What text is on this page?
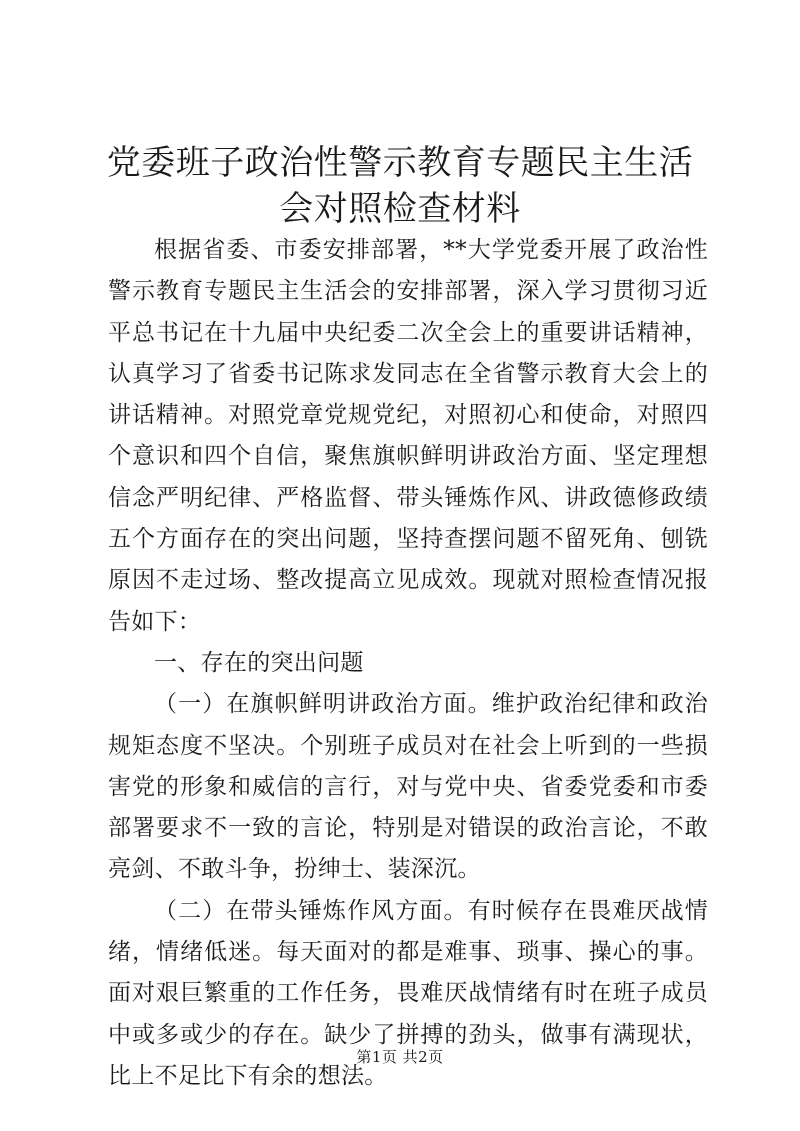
党委班子政治性警示教育专题民主生活会对照检查材料

根据省委、市委安排部署，**大学党委开展了政治性警示教育专题民主生活会的安排部署，深入学习贯彻习近平总书记在十九届中央纪委二次全会上的重要讲话精神，认真学习了省委书记陈求发同志在全省警示教育大会上的讲话精神。对照党章党规党纪，对照初心和使命，对照四个意识和四个自信，聚焦旗帜鲜明讲政治方面、坚定理想信念严明纪律、严格监督、带头锤炼作风、讲政德修政绩五个方面存在的突出问题，坚持查摆问题不留死角、刨铣原因不走过场、整改提高立见成效。现就对照检查情况报告如下：

一、存在的突出问题

（一）在旗帜鲜明讲政治方面。维护政治纪律和政治规矩态度不坚决。个别班子成员对在社会上听到的一些损害党的形象和威信的言行，对与党中央、省委党委和市委部署要求不一致的言论，特别是对错误的政治言论，不敢亮剑、不敢斗争，扮绅士、装深沉。

（二）在带头锤炼作风方面。有时候存在畏难厌战情绪，情绪低迷。每天面对的都是难事、琐事、操心的事。面对艰巨繁重的工作任务，畏难厌战情绪有时在班子成员中或多或少的存在。缺少了拼搏的劲头，做事有满现状，比上不足比下有余的想法。

第1页 共2页
